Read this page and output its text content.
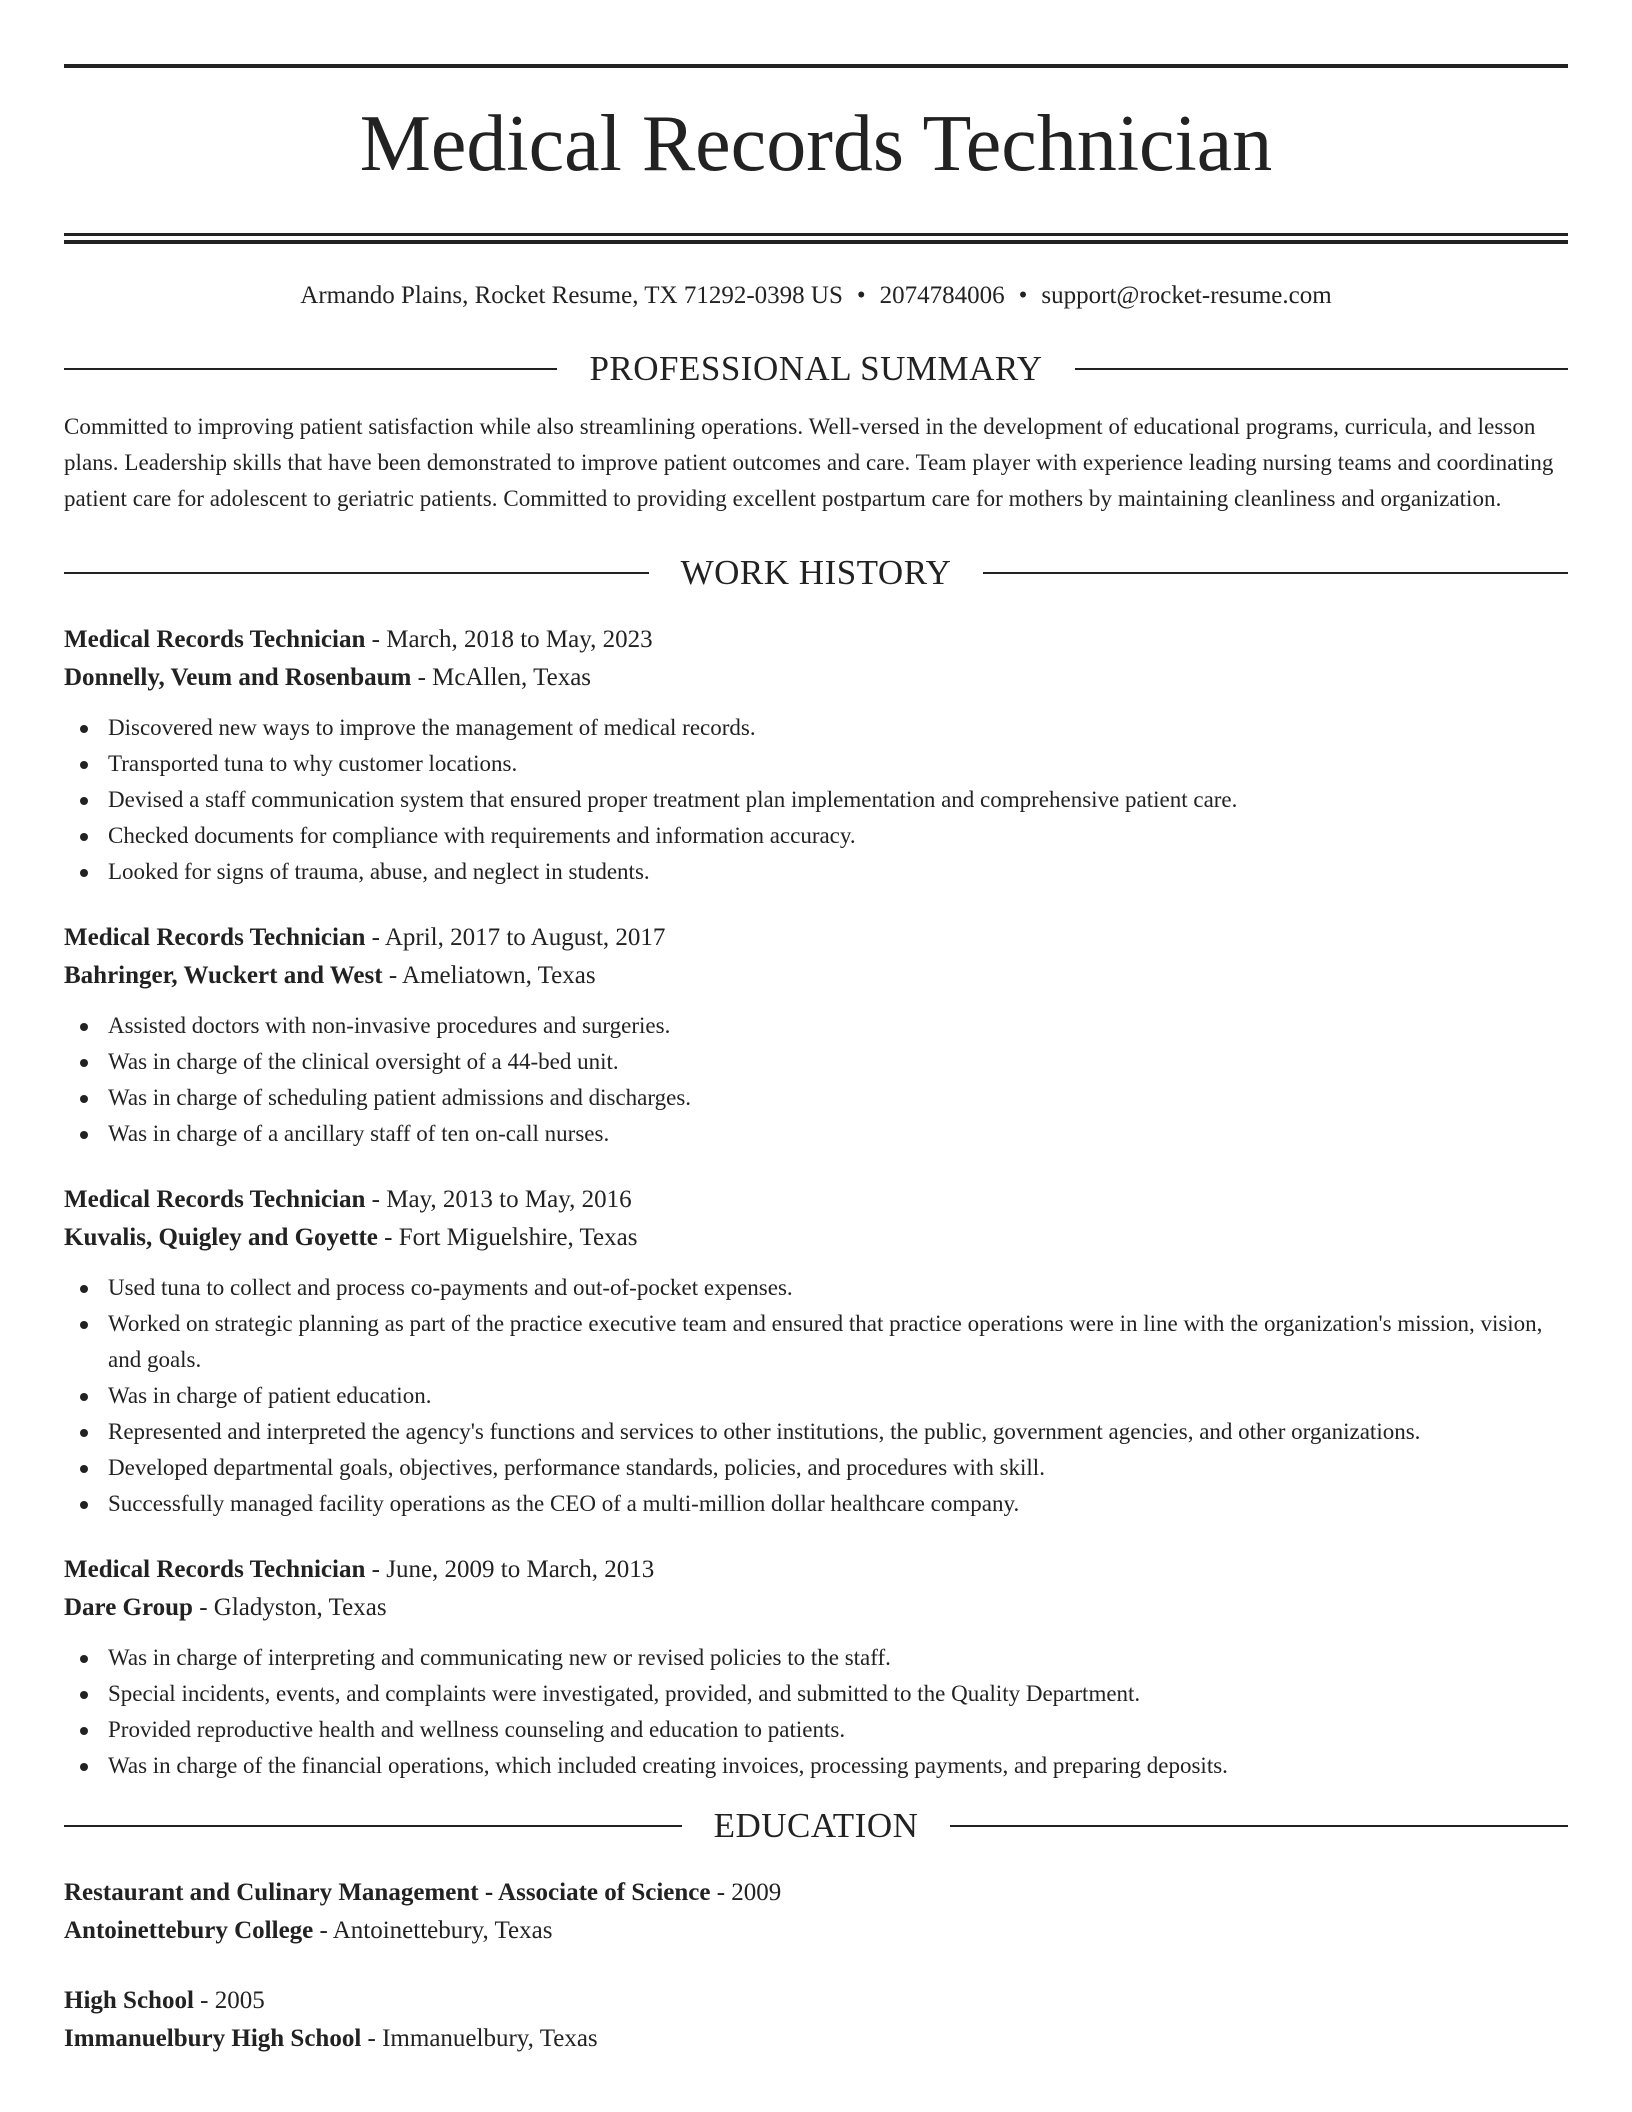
Medical Records Technician
Armando Plains, Rocket Resume, TX 71292-0398 US • 2074784006 • support@rocket-resume.com
PROFESSIONAL SUMMARY
Committed to improving patient satisfaction while also streamlining operations. Well-versed in the development of educational programs, curricula, and lesson plans. Leadership skills that have been demonstrated to improve patient outcomes and care. Team player with experience leading nursing teams and coordinating patient care for adolescent to geriatric patients. Committed to providing excellent postpartum care for mothers by maintaining cleanliness and organization.
WORK HISTORY
Medical Records Technician - March, 2018 to May, 2023
Donnelly, Veum and Rosenbaum - McAllen, Texas
Discovered new ways to improve the management of medical records.
Transported tuna to why customer locations.
Devised a staff communication system that ensured proper treatment plan implementation and comprehensive patient care.
Checked documents for compliance with requirements and information accuracy.
Looked for signs of trauma, abuse, and neglect in students.
Medical Records Technician - April, 2017 to August, 2017
Bahringer, Wuckert and West - Ameliatown, Texas
Assisted doctors with non-invasive procedures and surgeries.
Was in charge of the clinical oversight of a 44-bed unit.
Was in charge of scheduling patient admissions and discharges.
Was in charge of a ancillary staff of ten on-call nurses.
Medical Records Technician - May, 2013 to May, 2016
Kuvalis, Quigley and Goyette - Fort Miguelshire, Texas
Used tuna to collect and process co-payments and out-of-pocket expenses.
Worked on strategic planning as part of the practice executive team and ensured that practice operations were in line with the organization's mission, vision, and goals.
Was in charge of patient education.
Represented and interpreted the agency's functions and services to other institutions, the public, government agencies, and other organizations.
Developed departmental goals, objectives, performance standards, policies, and procedures with skill.
Successfully managed facility operations as the CEO of a multi-million dollar healthcare company.
Medical Records Technician - June, 2009 to March, 2013
Dare Group - Gladyston, Texas
Was in charge of interpreting and communicating new or revised policies to the staff.
Special incidents, events, and complaints were investigated, provided, and submitted to the Quality Department.
Provided reproductive health and wellness counseling and education to patients.
Was in charge of the financial operations, which included creating invoices, processing payments, and preparing deposits.
EDUCATION
Restaurant and Culinary Management - Associate of Science - 2009
Antoinettebury College - Antoinettebury, Texas
High School - 2005
Immanuelbury High School - Immanuelbury, Texas
